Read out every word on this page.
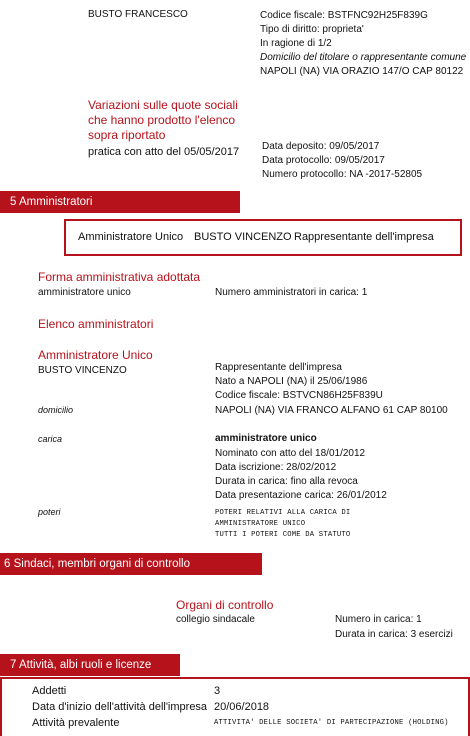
BUSTO FRANCESCO	Codice fiscale: BSTFNC92H25F839G
Tipo di diritto: proprieta'
In ragione di 1/2
Domicilio del titolare o rappresentante comune
NAPOLI (NA) VIA ORAZIO 147/O CAP 80122
Variazioni sulle quote sociali
che hanno prodotto l'elenco
sopra riportato
pratica con atto del 05/05/2017 Data deposito: 09/05/2017
Data protocollo: 09/05/2017
Numero protocollo: NA -2017-52805
5 Amministratori
Amministratore Unico BUSTO VINCENZO Rappresentante dell'impresa
Forma amministrativa adottata
amministratore unico	Numero amministratori in carica: 1
Elenco amministratori
Amministratore Unico
BUSTO VINCENZO	Rappresentante dell'impresa
Nato a NAPOLI (NA) il 25/06/1986
Codice fiscale: BSTVCN86H25F839U
domicilio	NAPOLI (NA) VIA FRANCO ALFANO 61 CAP 80100
carica	amministratore unico
Nominato con atto del 18/01/2012
Data iscrizione: 28/02/2012
Durata in carica: fino alla revoca
Data presentazione carica: 26/01/2012
poteri	POTERI RELATIVI ALLA CARICA DI
AMMINISTRATORE UNICO
TUTTI I POTERI COME DA STATUTO
6 Sindaci, membri organi di controllo
Organi di controllo
collegio sindacale	Numero in carica: 1
Durata in carica: 3 esercizi
7 Attività, albi ruoli e licenze
Addetti	3
Data d'inizio dell'attività dell'impresa 20/06/2018
Attività prevalente	ATTIVITA' DELLE SOCIETA' DI PARTECIPAZIONE (HOLDING)
